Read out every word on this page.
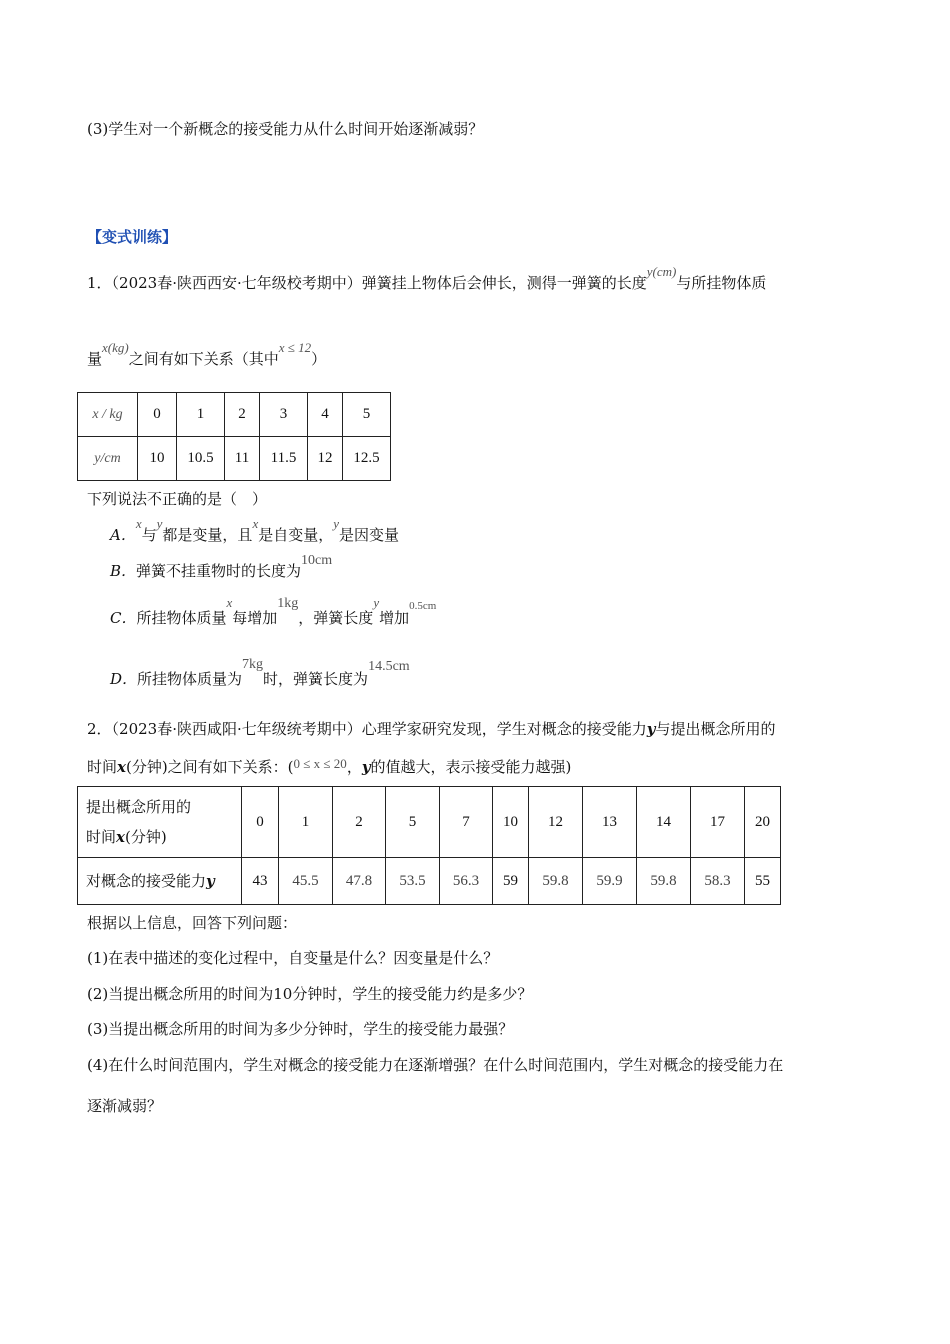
(3)学生对一个新概念的接受能力从什么时间开始逐渐减弱？
【变式训练】
1．（2023春·陕西西安·七年级校考期中）弹簧挂上物体后会伸长，测得一弹簧的长度y(cm)与所挂物体质
量x(kg)之间有如下关系（其中x ≤ 12）
x / kg	0	1	2	3	4	5
y/cm	10	10.5	11	11.5	12	12.5
下列说法不正确的是（　）
A．x与y都是变量，且x是自变量，y是因变量
B．弹簧不挂重物时的长度为10cm
C．所挂物体质量x每增加1kg，弹簧长度y增加$^{0.5cm}$
D．所挂物体质量为7kg时，弹簧长度为14.5cm
2．（2023春·陕西咸阳·七年级统考期中）心理学家研究发现，学生对概念的接受能力y与提出概念所用的
时间x(分钟)之间有如下关系：(0 ≤ x ≤ 20，y的值越大，表示接受能力越强)
提出概念所用的
时间x(分钟)	0	1	2	5	7	10	12	13	14	17	20
对概念的接受能力y	43	45.5	47.8	53.5	56.3	59	59.8	59.9	59.8	58.3	55
根据以上信息，回答下列问题：
(1)在表中描述的变化过程中，自变量是什么？因变量是什么？
(2)当提出概念所用的时间为10分钟时，学生的接受能力约是多少？
(3)当提出概念所用的时间为多少分钟时，学生的接受能力最强？
(4)在什么时间范围内，学生对概念的接受能力在逐渐增强？在什么时间范围内，学生对概念的接受能力在
逐渐减弱？
